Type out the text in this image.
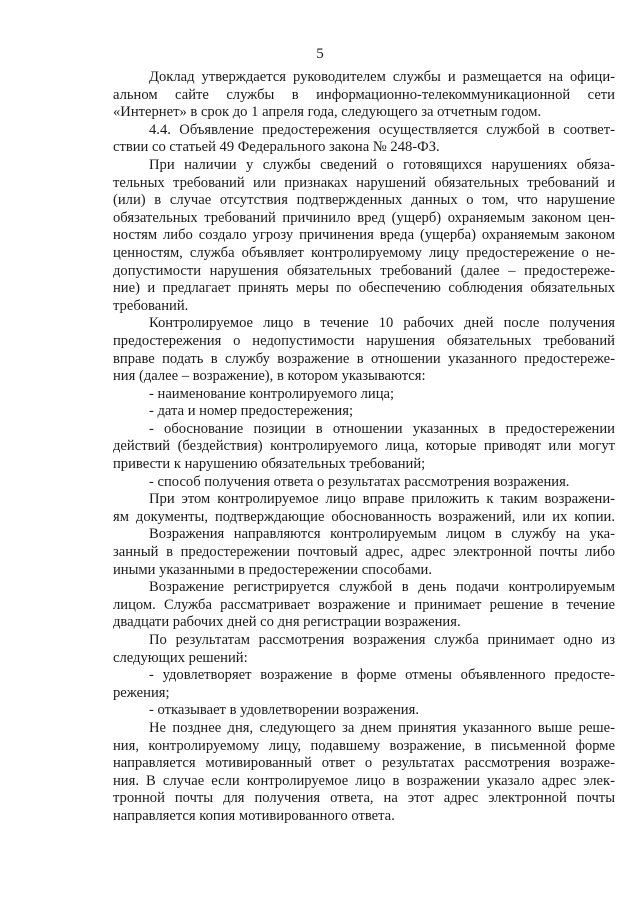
5
Доклад утверждается руководителем службы и размещается на офици-
альном сайте службы в информационно-телекоммуникационной сети
«Интернет» в срок до 1 апреля года, следующего за отчетным годом.
4.4. Объявление предостережения осуществляется службой в соответ-
ствии со статьей 49 Федерального закона № 248-ФЗ.
При наличии у службы сведений о готовящихся нарушениях обяза-
тельных требований или признаках нарушений обязательных требований и
(или) в случае отсутствия подтвержденных данных о том, что нарушение
обязательных требований причинило вред (ущерб) охраняемым законом цен-
ностям либо создало угрозу причинения вреда (ущерба) охраняемым законом
ценностям, служба объявляет контролируемому лицу предостережение о не-
допустимости нарушения обязательных требований (далее – предостереже-
ние) и предлагает принять меры по обеспечению соблюдения обязательных
требований.
Контролируемое лицо в течение 10 рабочих дней после получения
предостережения о недопустимости нарушения обязательных требований
вправе подать в службу возражение в отношении указанного предостереже-
ния (далее – возражение), в котором указываются:
- наименование контролируемого лица;
- дата и номер предостережения;
- обоснование позиции в отношении указанных в предостережении
действий (бездействия) контролируемого лица, которые приводят или могут
привести к нарушению обязательных требований;
- способ получения ответа о результатах рассмотрения возражения.
При этом контролируемое лицо вправе приложить к таким возражени-
ям документы, подтверждающие обоснованность возражений, или их копии.
Возражения направляются контролируемым лицом в службу на ука-
занный в предостережении почтовый адрес, адрес электронной почты либо
иными указанными в предостережении способами.
Возражение регистрируется службой в день подачи контролируемым
лицом. Служба рассматривает возражение и принимает решение в течение
двадцати рабочих дней со дня регистрации возражения.
По результатам рассмотрения возражения служба принимает одно из
следующих решений:
- удовлетворяет возражение в форме отмены объявленного предосте-
режения;
- отказывает в удовлетворении возражения.
Не позднее дня, следующего за днем принятия указанного выше реше-
ния, контролируемому лицу, подавшему возражение, в письменной форме
направляется мотивированный ответ о результатах рассмотрения возраже-
ния. В случае если контролируемое лицо в возражении указало адрес элек-
тронной почты для получения ответа, на этот адрес электронной почты
направляется копия мотивированного ответа.
